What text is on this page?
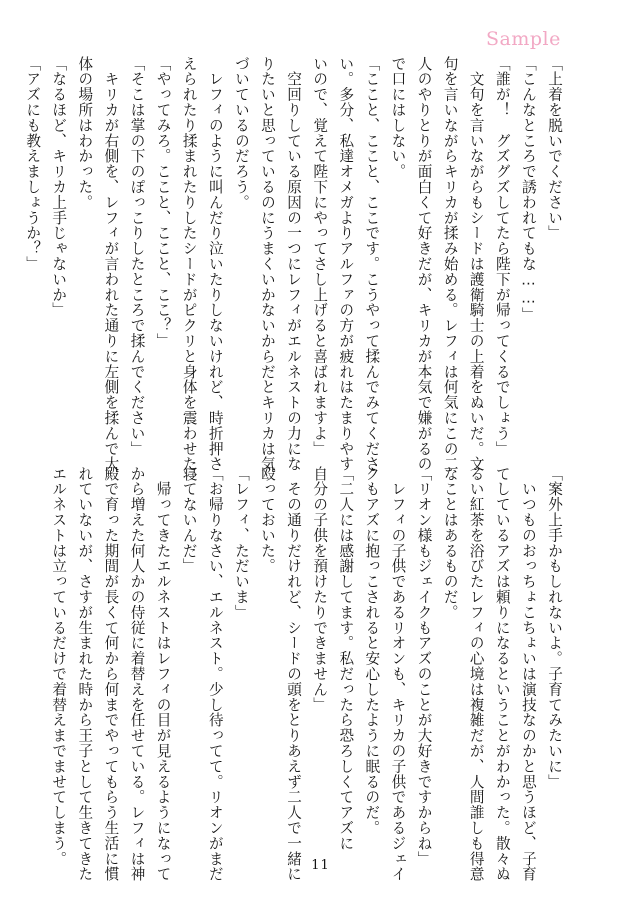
Sample
「上着を脱いでください」
「こんなところで誘われてもな……」
「誰が！　グズグズしてたら陛下が帰ってくるでしょう」
　文句を言いながらもシードは護衛騎士の上着をぬいだ。文
句を言いながらキリカが揉み始める。レフィは何気にこの二
人のやりとりが面白くて好きだが、キリカが本気で嫌がるの
で口にはしない。
「ここと、ここと、ここです。こうやって揉んでみてくださ
い。多分、私達オメガよりアルファの方が疲れはたまりやす
いので、覚えて陛下にやってさし上げると喜ばれますよ」
　空回りしている原因の一つにレフィがエルネストの力にな
りたいと思っているのにうまくいかないからだとキリカは気
づいているのだろう。
　レフィのように叫んだり泣いたりしないけれど、時折押さ
えられたり揉まれたりしたシードがピクリと身体を震わせた。
「やってみろ。ここと、ここと、ここ？」
「そこは掌の下のぽっこりしたところで揉んでください」
　キリカが右側を、レフィが言われた通りに左側を揉んで大
体の場所はわかった。
「なるほど、キリカ上手じゃないか」
「アズにも教えましょうか？」
「案外上手かもしれないよ。子育てみたいに」
　いつものおっちょこちょいは演技なのかと思うほど、子育
てしているアズは頼りになるということがわかった。散々ぬ
るい紅茶を浴びたレフィの心境は複雑だが、人間誰しも得意
なことはあるものだ。
「リオン様もジェイクもアズのことが大好きですからね」
　レフィの子供であるリオンも、キリカの子供であるジェイ
クもアズに抱っこされると安心したように眠るのだ。
「二人には感謝してます。私だったら恐ろしくてアズに
自分の子供を預けたりできません」
　その通りだけれど、シードの頭をとりあえず二人で一緒に
殴っておいた。
「レフィ、ただいま」
「お帰りなさい、エルネスト。少し待ってて。リオンがまだ
寝てないんだ」
　帰ってきたエルネストはレフィの目が見えるようになって
から増えた何人かの侍従に着替えを任せている。レフィは神
殿で育った期間が長くて何から何までやってもらう生活に慣
れていないが、さすが生まれた時から王子として生きてきた
エルネストは立っているだけで着替えまでませてしまう。	11
